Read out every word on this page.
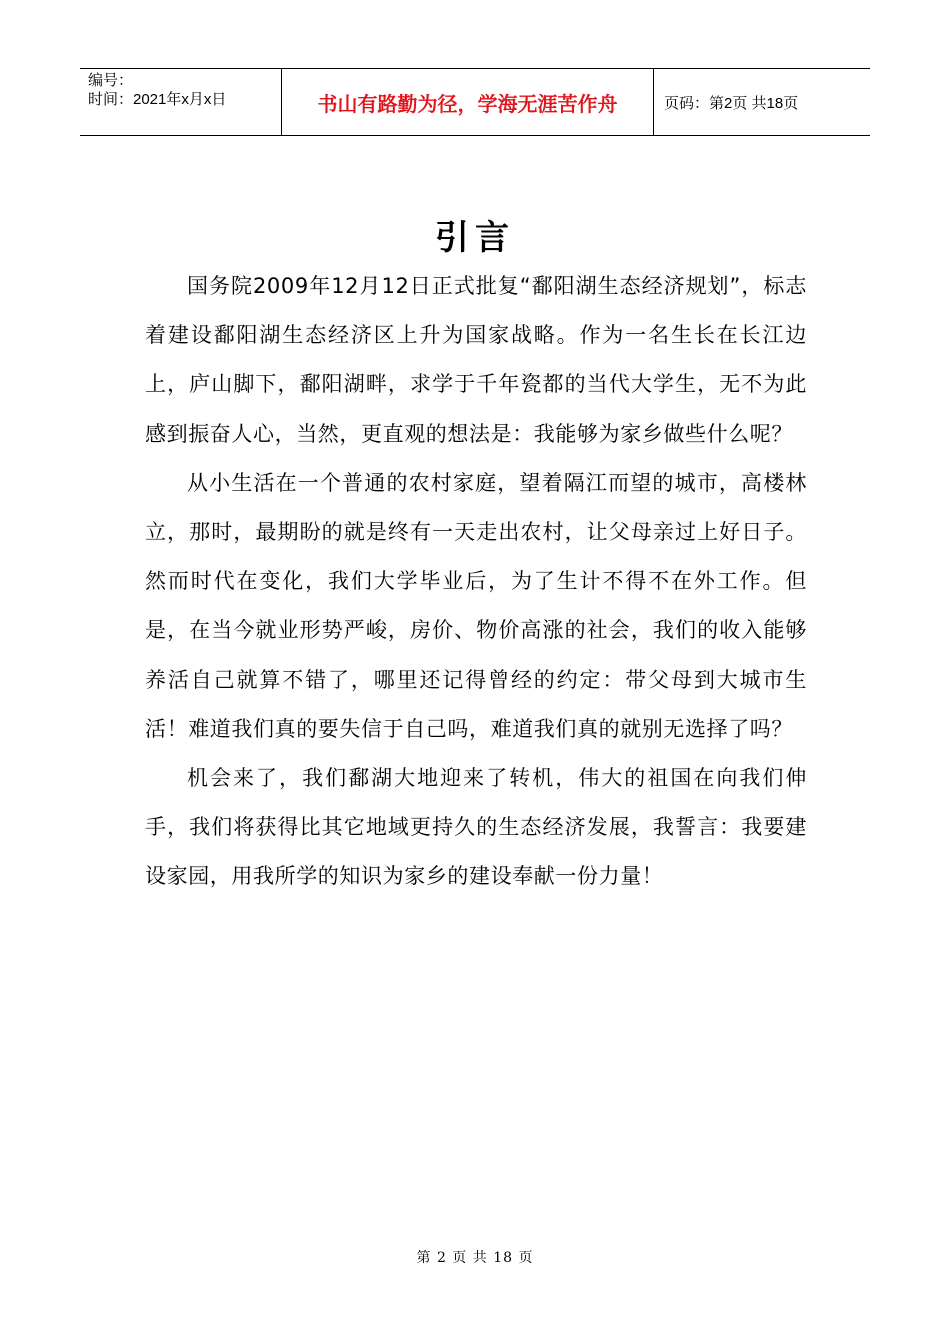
编号：
时间：2021年x月x日	书山有路勤为径，学海无涯苦作舟	页码：第2页 共18页
引言

国务院2009年12月12日正式批复“鄱阳湖生态经济规划”，标志着建设鄱阳湖生态经济区上升为国家战略。作为一名生长在长江边上，庐山脚下，鄱阳湖畔，求学于千年瓷都的当代大学生，无不为此感到振奋人心，当然，更直观的想法是：我能够为家乡做些什么呢？

从小生活在一个普通的农村家庭，望着隔江而望的城市，高楼林立，那时，最期盼的就是终有一天走出农村，让父母亲过上好日子。然而时代在变化，我们大学毕业后，为了生计不得不在外工作。但是，在当今就业形势严峻，房价、物价高涨的社会，我们的收入能够养活自己就算不错了，哪里还记得曾经的约定：带父母到大城市生活！难道我们真的要失信于自己吗，难道我们真的就别无选择了吗？

机会来了，我们鄱湖大地迎来了转机，伟大的祖国在向我们伸手，我们将获得比其它地域更持久的生态经济发展，我誓言：我要建设家园，用我所学的知识为家乡的建设奉献一份力量！

第 2 页 共 18 页
